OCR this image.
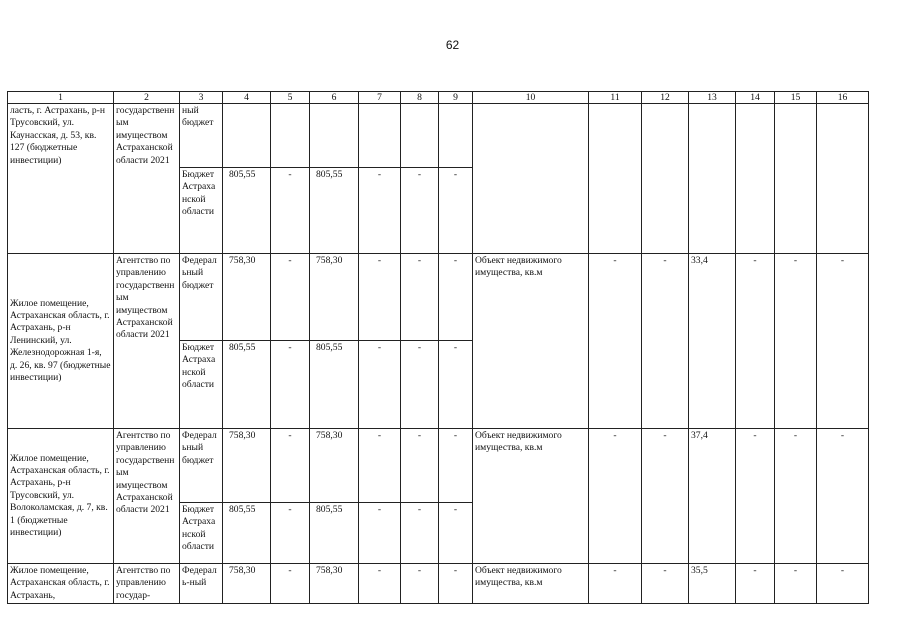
62
1	2	3	4	5	6	7	8	9	10	11	12	13	14	15	16
ласть, г. Астрахань, р-н Трусовский, ул. Каунасская, д. 53, кв. 127 (бюджетные инвестиции)	государственным имуществом Астраханской области 2021	ный бюджет													
		Бюджет Астраханской области	805,55	-	805,55	-	-	-							
Жилое помещение, Астраханская область, г. Астрахань, р-н Ленинский, ул. Железнодорожная 1-я, д. 26, кв. 97 (бюджетные инвестиции)	Агентство по управлению государственным имуществом Астраханской области 2021	Федеральный бюджет	758,30	-	758,30	-	-	-	Объект недвижимого имущества, кв.м	-	-	33,4	-	-	-
		Бюджет Астраханской области	805,55	-	805,55	-	-	-							
Жилое помещение, Астраханская область, г. Астрахань, р-н Трусовский, ул. Волоколамская, д. 7, кв. 1 (бюджетные инвестиции)	Агентство по управлению государственным имуществом Астраханской области 2021	Федеральный бюджет	758,30	-	758,30	-	-	-	Объект недвижимого имущества, кв.м	-	-	37,4	-	-	-
		Бюджет Астраханской области	805,55	-	805,55	-	-	-							
Жилое помещение, Астраханская область, г. Астрахань,	Агентство по управлению государ-	Федераль-ный	758,30	-	758,30	-	-	-	Объект недвижимого имущества, кв.м	-	-	35,5	-	-	-
